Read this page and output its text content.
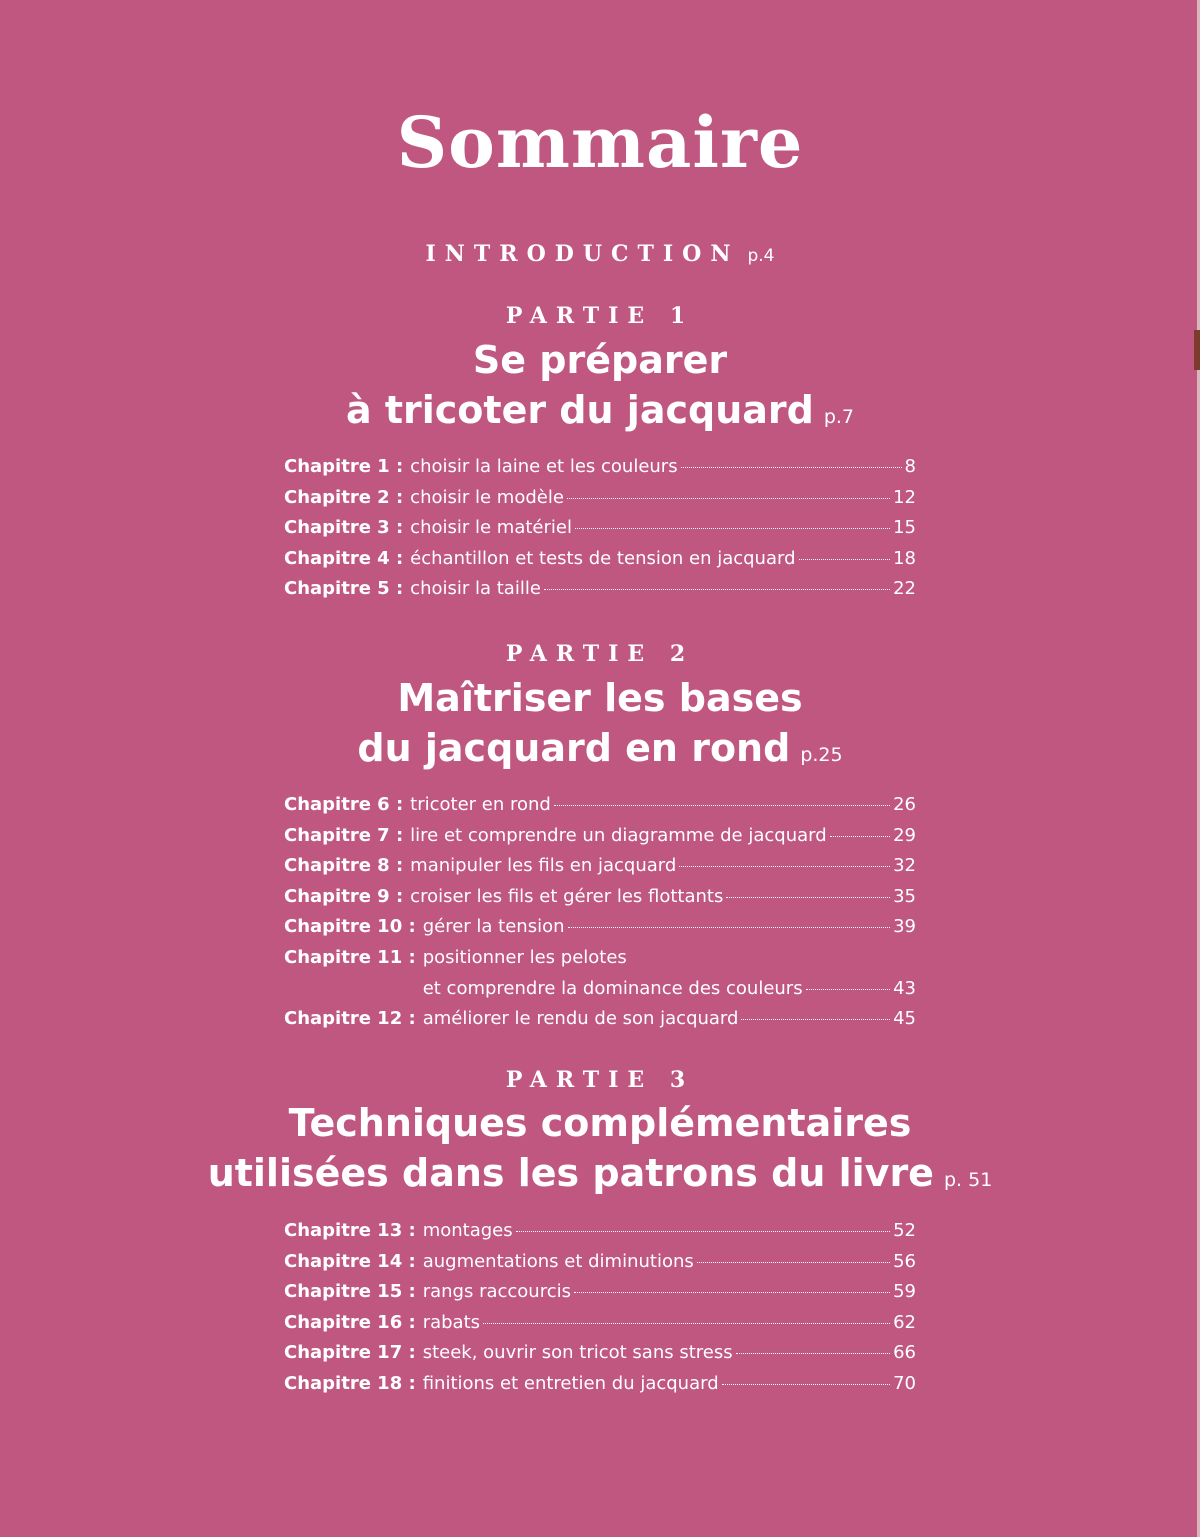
Sommaire
INTRODUCTION p.4
PARTIE 1
Se préparer
à tricoter du jacquard p.7
Chapitre 1 : choisir la laine et les couleurs	8
Chapitre 2 : choisir le modèle	12
Chapitre 3 : choisir le matériel	15
Chapitre 4 : échantillon et tests de tension en jacquard	18
Chapitre 5 : choisir la taille	22
PARTIE 2
Maîtriser les bases
du jacquard en rond p.25
Chapitre 6 : tricoter en rond	26
Chapitre 7 : lire et comprendre un diagramme de jacquard	29
Chapitre 8 : manipuler les fils en jacquard	32
Chapitre 9 : croiser les fils et gérer les flottants	35
Chapitre 10 : gérer la tension	39
Chapitre 11 : positionner les pelotes
et comprendre la dominance des couleurs	43
Chapitre 12 : améliorer le rendu de son jacquard	45
PARTIE 3
Techniques complémentaires
utilisées dans les patrons du livre p. 51
Chapitre 13 : montages	52
Chapitre 14 : augmentations et diminutions	56
Chapitre 15 : rangs raccourcis	59
Chapitre 16 : rabats	62
Chapitre 17 : steek, ouvrir son tricot sans stress	66
Chapitre 18 : finitions et entretien du jacquard	70
